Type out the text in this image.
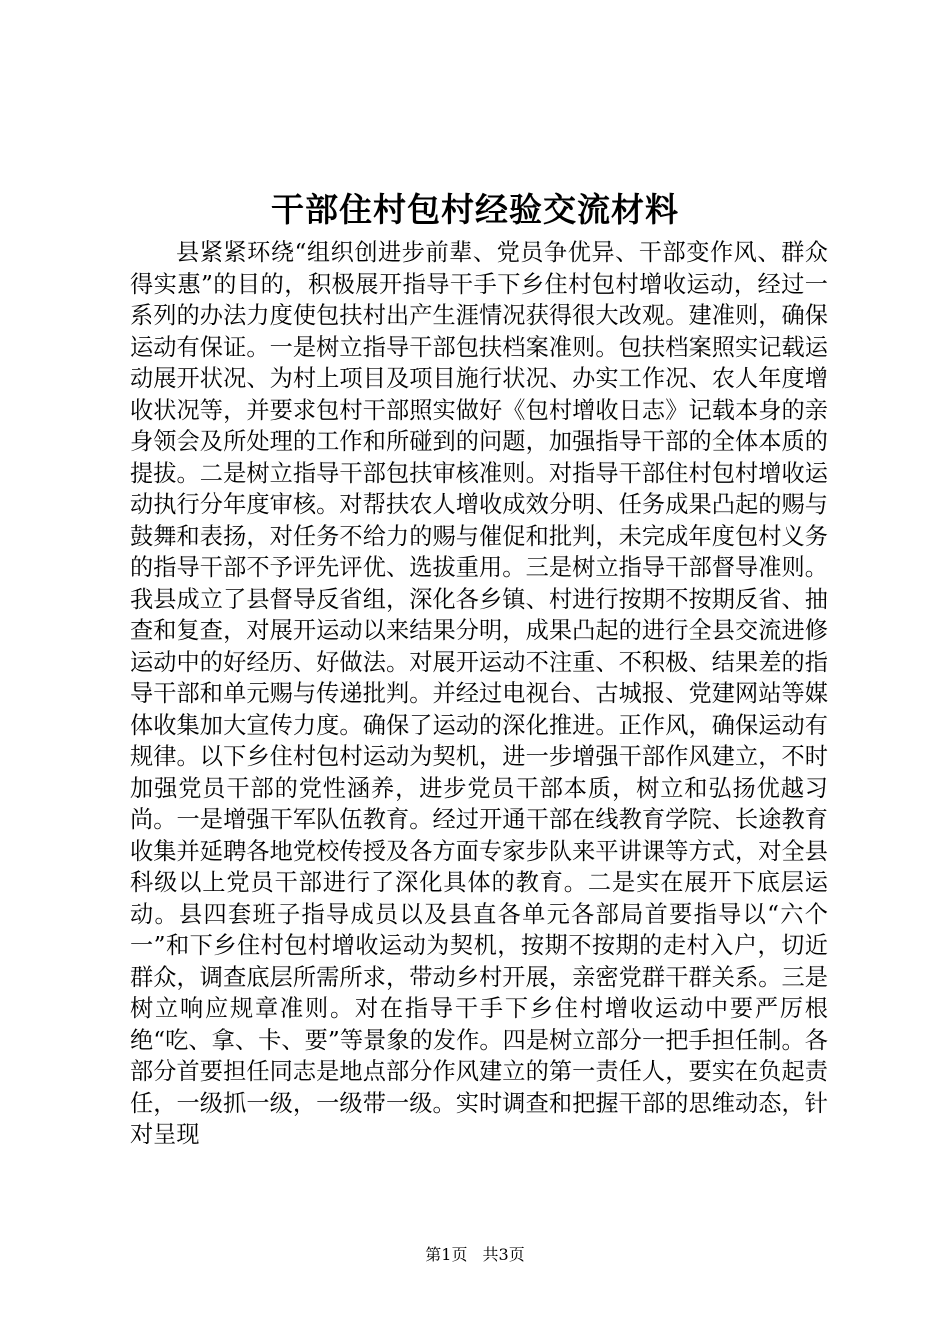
干部住村包村经验交流材料

县紧紧环绕“组织创进步前辈、党员争优异、干部变作风、群众得实惠”的目的，积极展开指导干手下乡住村包村增收运动，经过一系列的办法力度使包扶村出产生涯情况获得很大改观。建准则，确保运动有保证。一是树立指导干部包扶档案准则。包扶档案照实记载运动展开状况、为村上项目及项目施行状况、办实工作况、农人年度增收状况等，并要求包村干部照实做好《包村增收日志》记载本身的亲身领会及所处理的工作和所碰到的问题，加强指导干部的全体本质的提拔。二是树立指导干部包扶审核准则。对指导干部住村包村增收运动执行分年度审核。对帮扶农人增收成效分明、任务成果凸起的赐与鼓舞和表扬，对任务不给力的赐与催促和批判，未完成年度包村义务的指导干部不予评先评优、选拔重用。三是树立指导干部督导准则。我县成立了县督导反省组，深化各乡镇、村进行按期不按期反省、抽查和复查，对展开运动以来结果分明，成果凸起的进行全县交流进修运动中的好经历、好做法。对展开运动不注重、不积极、结果差的指导干部和单元赐与传递批判。并经过电视台、古城报、党建网站等媒体收集加大宣传力度。确保了运动的深化推进。正作风，确保运动有规律。以下乡住村包村运动为契机，进一步增强干部作风建立，不时加强党员干部的党性涵养，进步党员干部本质，树立和弘扬优越习尚。一是增强干军队伍教育。经过开通干部在线教育学院、长途教育收集并延聘各地党校传授及各方面专家步队来平讲课等方式，对全县科级以上党员干部进行了深化具体的教育。二是实在展开下底层运动。县四套班子指导成员以及县直各单元各部局首要指导以“六个一”和下乡住村包村增收运动为契机，按期不按期的走村入户，切近群众，调查底层所需所求，带动乡村开展，亲密党群干群关系。三是树立响应规章准则。对在指导干手下乡住村增收运动中要严厉根绝“吃、拿、卡、要”等景象的发作。四是树立部分一把手担任制。各部分首要担任同志是地点部分作风建立的第一责任人，要实在负起责任，一级抓一级，一级带一级。实时调查和把握干部的思维动态，针对呈现

第1页 共3页
